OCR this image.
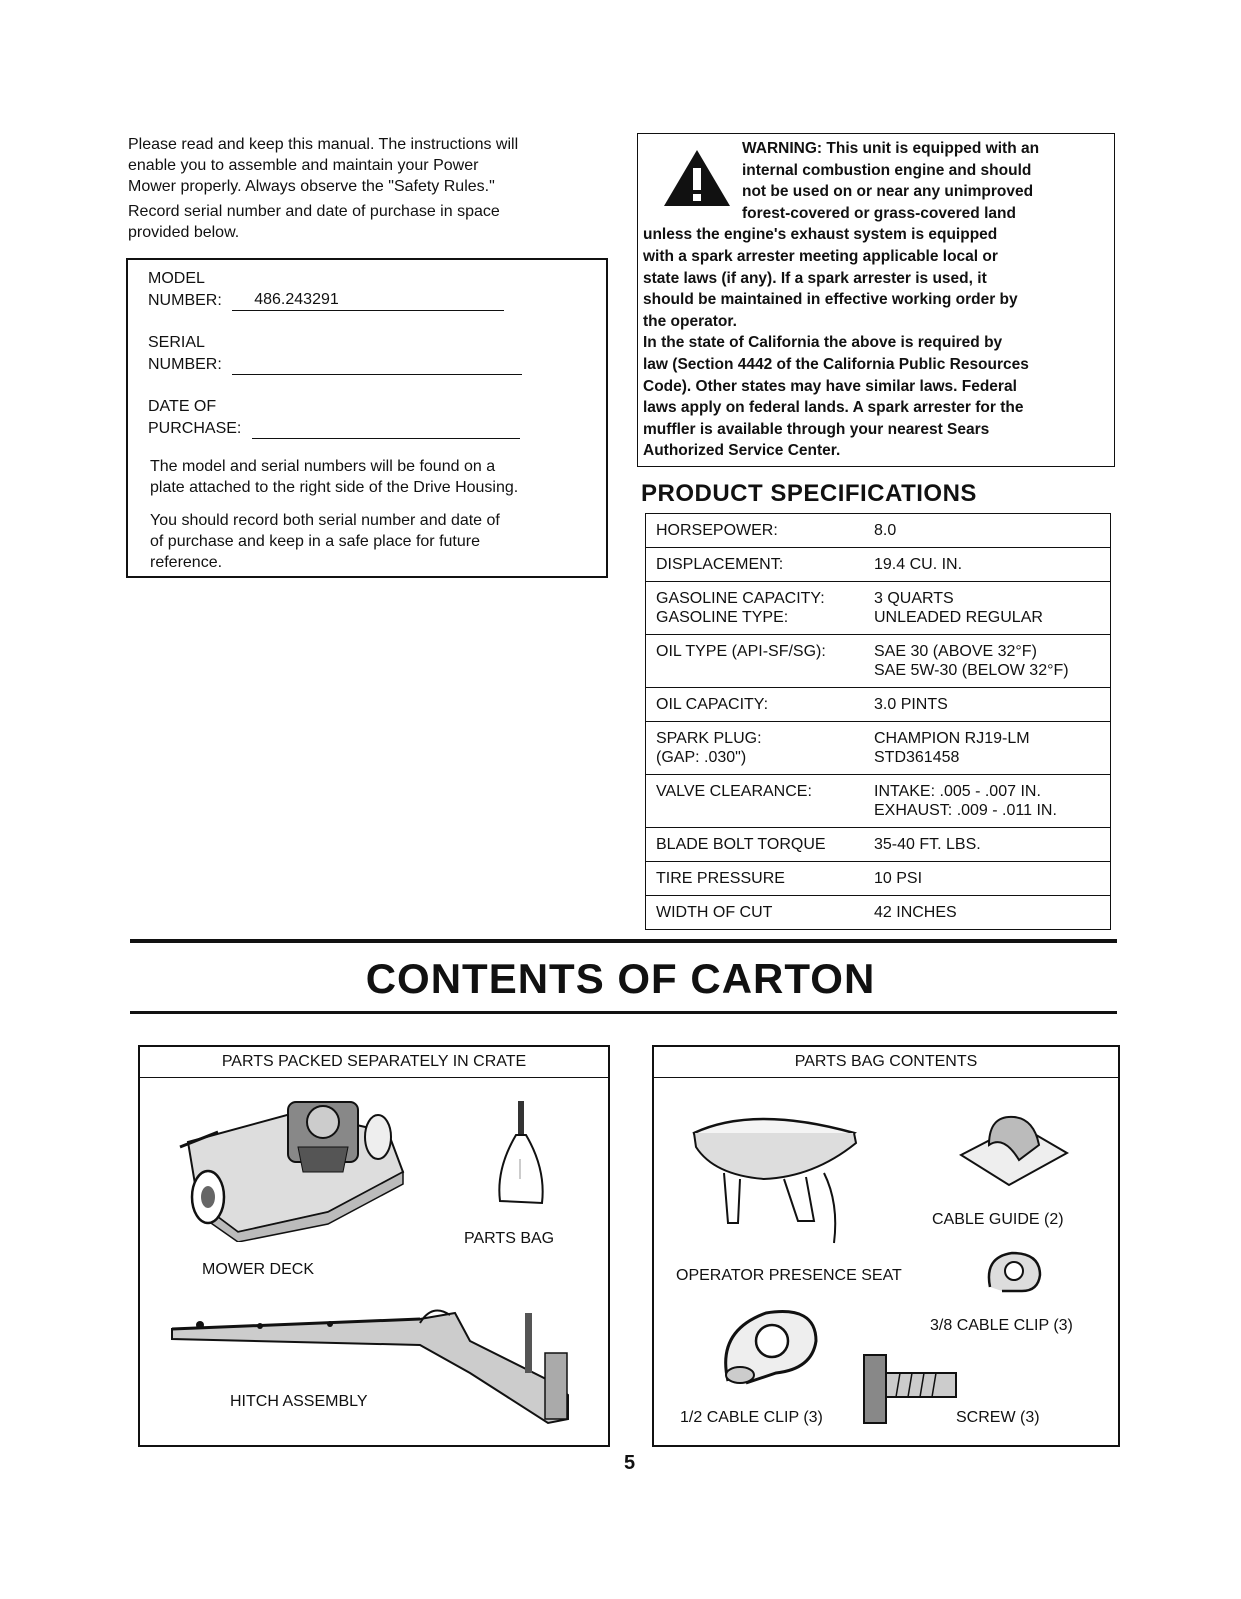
Please read and keep this manual. The instructions will

enable you to assemble and maintain your Power

Mower properly. Always observe the "Safety Rules."

Record serial number and date of purchase in space

provided below.

MODEL
NUMBER: 486.243291
SERIAL
NUMBER:
DATE OF
PURCHASE:
The model and serial numbers will be found on a
plate attached to the right side of the Drive Housing.
You should record both serial number and date of
of purchase and keep in a safe place for future
reference.
WARNING: This unit is equipped with an
internal combustion engine and should
not be used on or near any unimproved
forest-covered or grass-covered land
unless the engine's exhaust system is equipped
with a spark arrester meeting applicable local or
state laws (if any). If a spark arrester is used, it
should be maintained in effective working order by
the operator.
In the state of California the above is required by
law (Section 4442 of the California Public Resources
Code). Other states may have similar laws. Federal
laws apply on federal lands. A spark arrester for the
muffler is available through your nearest Sears
Authorized Service Center.
PRODUCT SPECIFICATIONS
HORSEPOWER:	8.0
DISPLACEMENT:	19.4 CU. IN.
GASOLINE CAPACITY:	3 QUARTS
GASOLINE TYPE:	UNLEADED REGULAR
OIL TYPE (API-SF/SG):	SAE 30 (ABOVE 32°F)
SAE 5W-30 (BELOW 32°F)
OIL CAPACITY:	3.0 PINTS
SPARK PLUG:	CHAMPION RJ19-LM
(GAP: .030")	STD361458
VALVE CLEARANCE:	INTAKE: .005 - .007 IN.
EXHAUST: .009 - .011 IN.
BLADE BOLT TORQUE	35-40 FT. LBS.
TIRE PRESSURE	10 PSI
WIDTH OF CUT	42 INCHES
CONTENTS OF CARTON
PARTS PACKED SEPARATELY IN CRATE
MOWER DECK
PARTS BAG
HITCH ASSEMBLY
PARTS BAG CONTENTS
OPERATOR PRESENCE SEAT
CABLE GUIDE (2)
3/8 CABLE CLIP (3)
1/2 CABLE CLIP (3)	SCREW (3)
5
